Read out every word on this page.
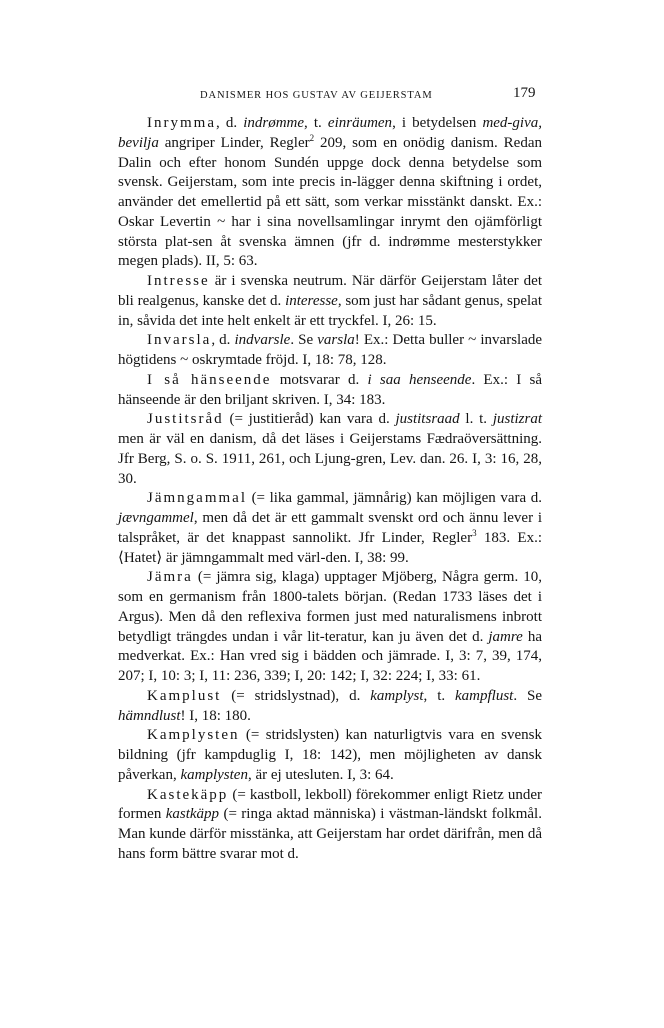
DANISMER HOS GUSTAV AV GEIJERSTAM	179

Inrymma, d. indrømme, t. einräumen, i betydelsen med-giva, bevilja angriper Linder, Regler$^2$ 209, som en onödig danism. Redan Dalin och efter honom Sundén uppge dock denna betydelse som svensk. Geijerstam, som inte precis in-lägger denna skiftning i ordet, använder det emellertid på ett sätt, som verkar misstänkt danskt. Ex.: Oskar Levertin ~ har i sina novellsamlingar inrymt den ojämförligt största plat-sen åt svenska ämnen (jfr d. indrømme mesterstykker megen plads). II, 5: 63.

Intresse är i svenska neutrum. När därför Geijerstam låter det bli realgenus, kanske det d. interesse, som just har sådant genus, spelat in, såvida det inte helt enkelt är ett tryckfel. I, 26: 15.

Invarsla, d. indvarsle. Se varsla! Ex.: Detta buller ~ invarslade högtidens ~ oskrymtade fröjd. I, 18: 78, 128.

I så hänseende motsvarar d. i saa henseende. Ex.: I så hänseende är den briljant skriven. I, 34: 183.

Justitsråd (= justitieråd) kan vara d. justitsraad l. t. justizrat men är väl en danism, då det läses i Geijerstams Fædraöversättning. Jfr Berg, S. o. S. 1911, 261, och Ljung-gren, Lev. dan. 26. I, 3: 16, 28, 30.

Jämngammal (= lika gammal, jämnårig) kan möjligen vara d. jævngammel, men då det är ett gammalt svenskt ord och ännu lever i talspråket, är det knappast sannolikt. Jfr Linder, Regler$^3$ 183. Ex.: ⟨Hatet⟩ är jämngammalt med värl-den. I, 38: 99.

Jämra (= jämra sig, klaga) upptager Mjöberg, Några germ. 10, som en germanism från 1800-talets början. (Redan 1733 läses det i Argus). Men då den reflexiva formen just med naturalismens inbrott betydligt trängdes undan i vår lit-teratur, kan ju även det d. jamre ha medverkat. Ex.: Han vred sig i bädden och jämrade. I, 3: 7, 39, 174, 207; I, 10: 3; I, 11: 236, 339; I, 20: 142; I, 32: 224; I, 33: 61.

Kamplust (= stridslystnad), d. kamplyst, t. kampflust. Se hämndlust! I, 18: 180.

Kamplysten (= stridslysten) kan naturligtvis vara en svensk bildning (jfr kampduglig I, 18: 142), men möjligheten av dansk påverkan, kamplysten, är ej utesluten. I, 3: 64.

Kastekäpp (= kastboll, lekboll) förekommer enligt Rietz under formen kastkäpp (= ringa aktad människa) i västman-ländskt folkmål. Man kunde därför misstänka, att Geijerstam har ordet därifrån, men då hans form bättre svarar mot d.
